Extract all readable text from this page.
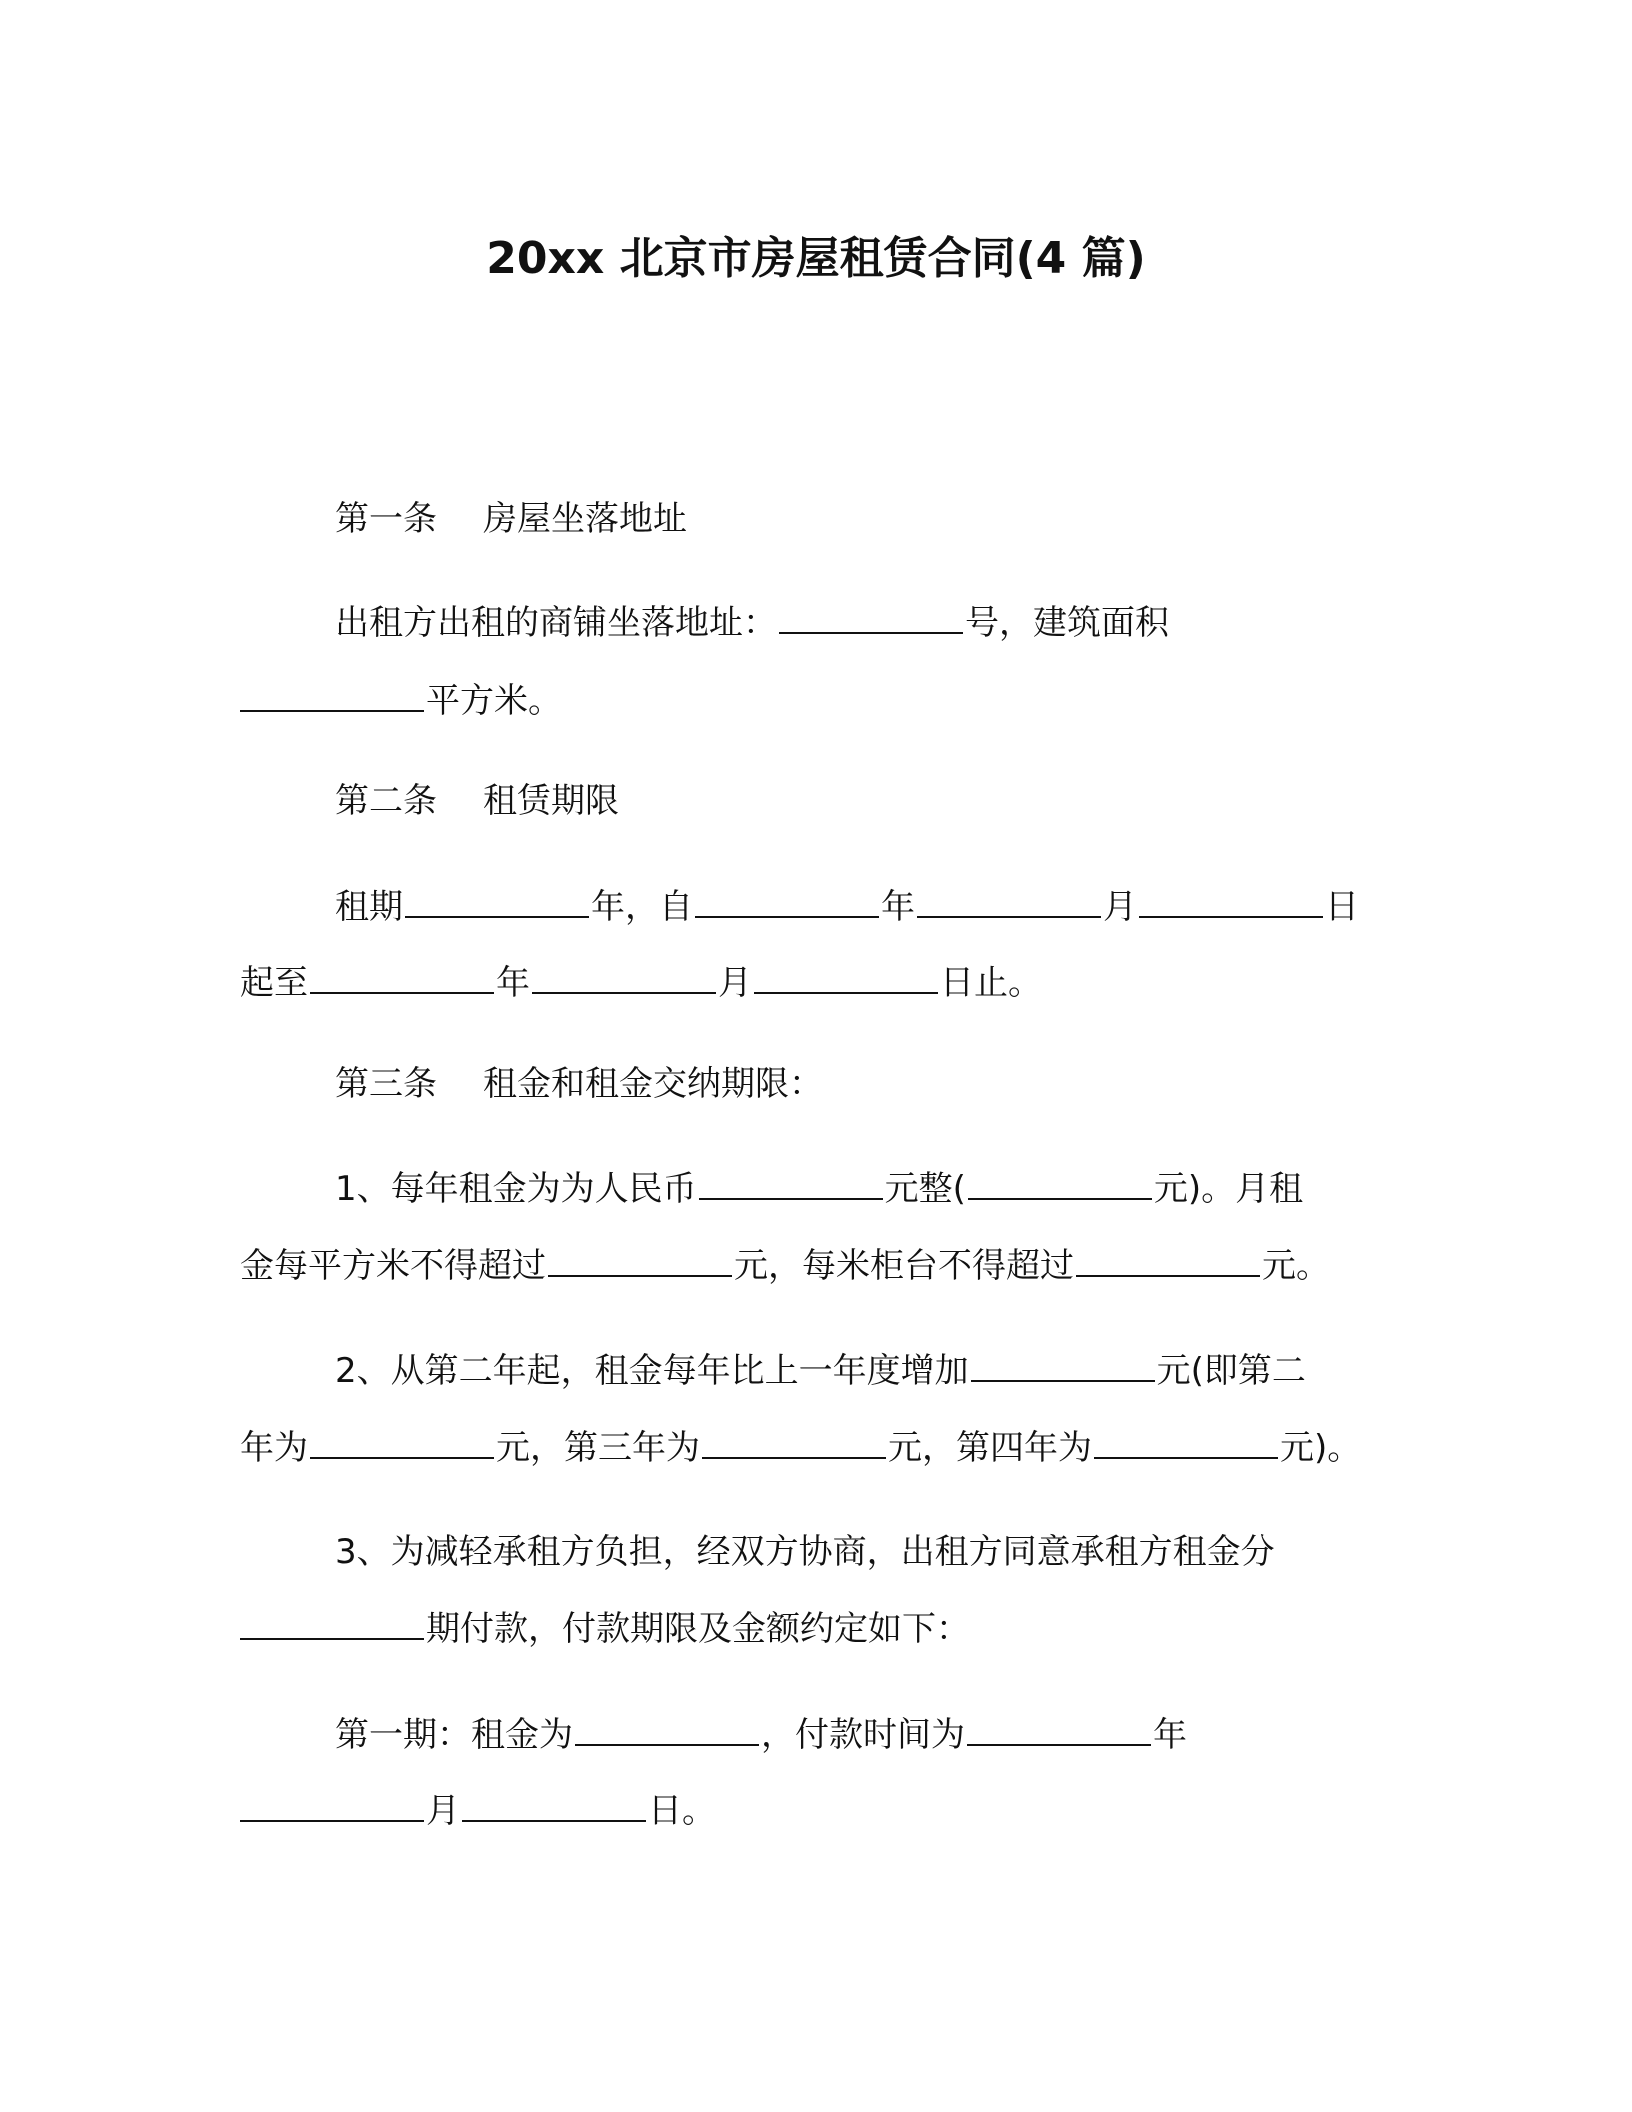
20xx 北京市房屋租赁合同(4 篇)
第一条 房屋坐落地址
出租方出租的商铺坐落地址：	号，建筑面积
平方米。
第二条 租赁期限
租期	年，自	年	月	日
起至	年	月	日止。
第三条 租金和租金交纳期限：
1、每年租金为为人民币	元整(	元)。月租
金每平方米不得超过	元，每米柜台不得超过	元。
2、从第二年起，租金每年比上一年度增加	元(即第二
年为	元，第三年为	元，第四年为	元)。
3、为减轻承租方负担，经双方协商，出租方同意承租方租金分
期付款，付款期限及金额约定如下：
第一期：租金为	，付款时间为	年
月	日。
